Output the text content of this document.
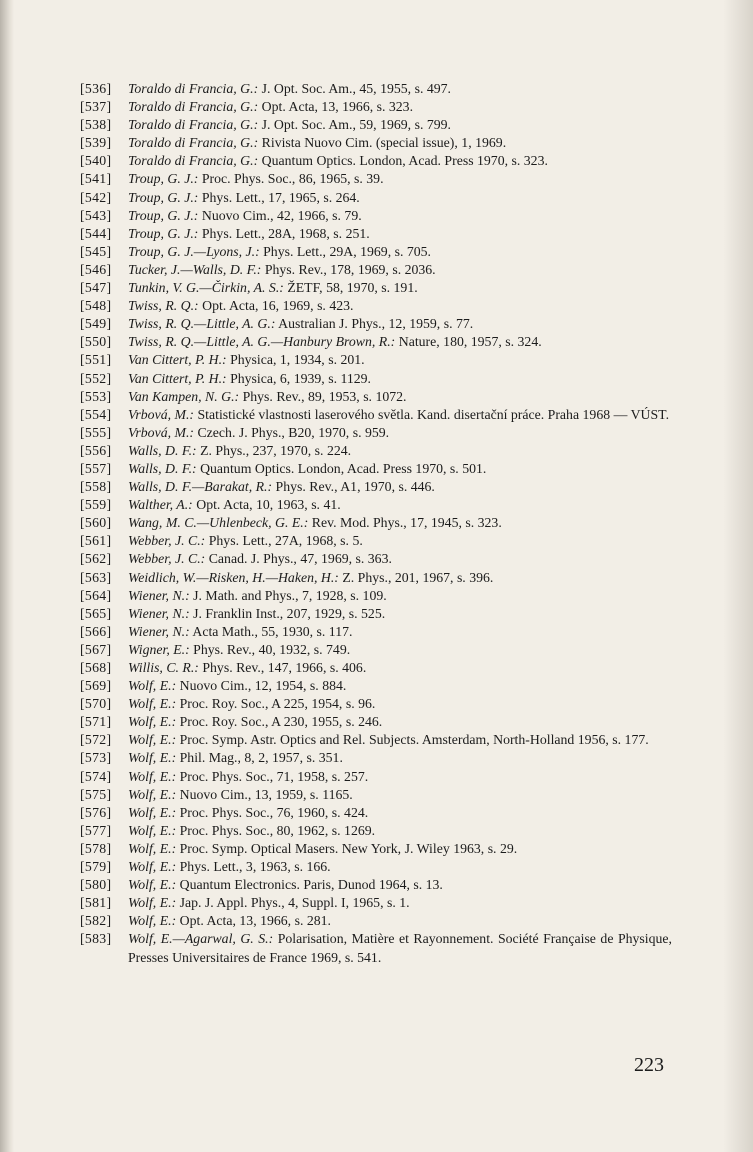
[536]	Toraldo di Francia, G.: J. Opt. Soc. Am., 45, 1955, s. 497.
[537]	Toraldo di Francia, G.: Opt. Acta, 13, 1966, s. 323.
[538]	Toraldo di Francia, G.: J. Opt. Soc. Am., 59, 1969, s. 799.
[539]	Toraldo di Francia, G.: Rivista Nuovo Cim. (special issue), 1, 1969.
[540]	Toraldo di Francia, G.: Quantum Optics. London, Acad. Press 1970, s. 323.
[541]	Troup, G. J.: Proc. Phys. Soc., 86, 1965, s. 39.
[542]	Troup, G. J.: Phys. Lett., 17, 1965, s. 264.
[543]	Troup, G. J.: Nuovo Cim., 42, 1966, s. 79.
[544]	Troup, G. J.: Phys. Lett., 28A, 1968, s. 251.
[545]	Troup, G. J.—Lyons, J.: Phys. Lett., 29A, 1969, s. 705.
[546]	Tucker, J.—Walls, D. F.: Phys. Rev., 178, 1969, s. 2036.
[547]	Tunkin, V. G.—Čirkin, A. S.: ŽETF, 58, 1970, s. 191.
[548]	Twiss, R. Q.: Opt. Acta, 16, 1969, s. 423.
[549]	Twiss, R. Q.—Little, A. G.: Australian J. Phys., 12, 1959, s. 77.
[550]	Twiss, R. Q.—Little, A. G.—Hanbury Brown, R.: Nature, 180, 1957, s. 324.
[551]	Van Cittert, P. H.: Physica, 1, 1934, s. 201.
[552]	Van Cittert, P. H.: Physica, 6, 1939, s. 1129.
[553]	Van Kampen, N. G.: Phys. Rev., 89, 1953, s. 1072.
[554]	Vrbová, M.: Statistické vlastnosti laserového světla. Kand. disertační práce. Praha 1968 — VÚST.
[555]	Vrbová, M.: Czech. J. Phys., B20, 1970, s. 959.
[556]	Walls, D. F.: Z. Phys., 237, 1970, s. 224.
[557]	Walls, D. F.: Quantum Optics. London, Acad. Press 1970, s. 501.
[558]	Walls, D. F.—Barakat, R.: Phys. Rev., A1, 1970, s. 446.
[559]	Walther, A.: Opt. Acta, 10, 1963, s. 41.
[560]	Wang, M. C.—Uhlenbeck, G. E.: Rev. Mod. Phys., 17, 1945, s. 323.
[561]	Webber, J. C.: Phys. Lett., 27A, 1968, s. 5.
[562]	Webber, J. C.: Canad. J. Phys., 47, 1969, s. 363.
[563]	Weidlich, W.—Risken, H.—Haken, H.: Z. Phys., 201, 1967, s. 396.
[564]	Wiener, N.: J. Math. and Phys., 7, 1928, s. 109.
[565]	Wiener, N.: J. Franklin Inst., 207, 1929, s. 525.
[566]	Wiener, N.: Acta Math., 55, 1930, s. 117.
[567]	Wigner, E.: Phys. Rev., 40, 1932, s. 749.
[568]	Willis, C. R.: Phys. Rev., 147, 1966, s. 406.
[569]	Wolf, E.: Nuovo Cim., 12, 1954, s. 884.
[570]	Wolf, E.: Proc. Roy. Soc., A 225, 1954, s. 96.
[571]	Wolf, E.: Proc. Roy. Soc., A 230, 1955, s. 246.
[572]	Wolf, E.: Proc. Symp. Astr. Optics and Rel. Subjects. Amsterdam, North-Holland 1956, s. 177.
[573]	Wolf, E.: Phil. Mag., 8, 2, 1957, s. 351.
[574]	Wolf, E.: Proc. Phys. Soc., 71, 1958, s. 257.
[575]	Wolf, E.: Nuovo Cim., 13, 1959, s. 1165.
[576]	Wolf, E.: Proc. Phys. Soc., 76, 1960, s. 424.
[577]	Wolf, E.: Proc. Phys. Soc., 80, 1962, s. 1269.
[578]	Wolf, E.: Proc. Symp. Optical Masers. New York, J. Wiley 1963, s. 29.
[579]	Wolf, E.: Phys. Lett., 3, 1963, s. 166.
[580]	Wolf, E.: Quantum Electronics. Paris, Dunod 1964, s. 13.
[581]	Wolf, E.: Jap. J. Appl. Phys., 4, Suppl. I, 1965, s. 1.
[582]	Wolf, E.: Opt. Acta, 13, 1966, s. 281.
[583]	Wolf, E.—Agarwal, G. S.: Polarisation, Matière et Rayonnement. Société Française de Physique, Presses Universitaires de France 1969, s. 541.
223
